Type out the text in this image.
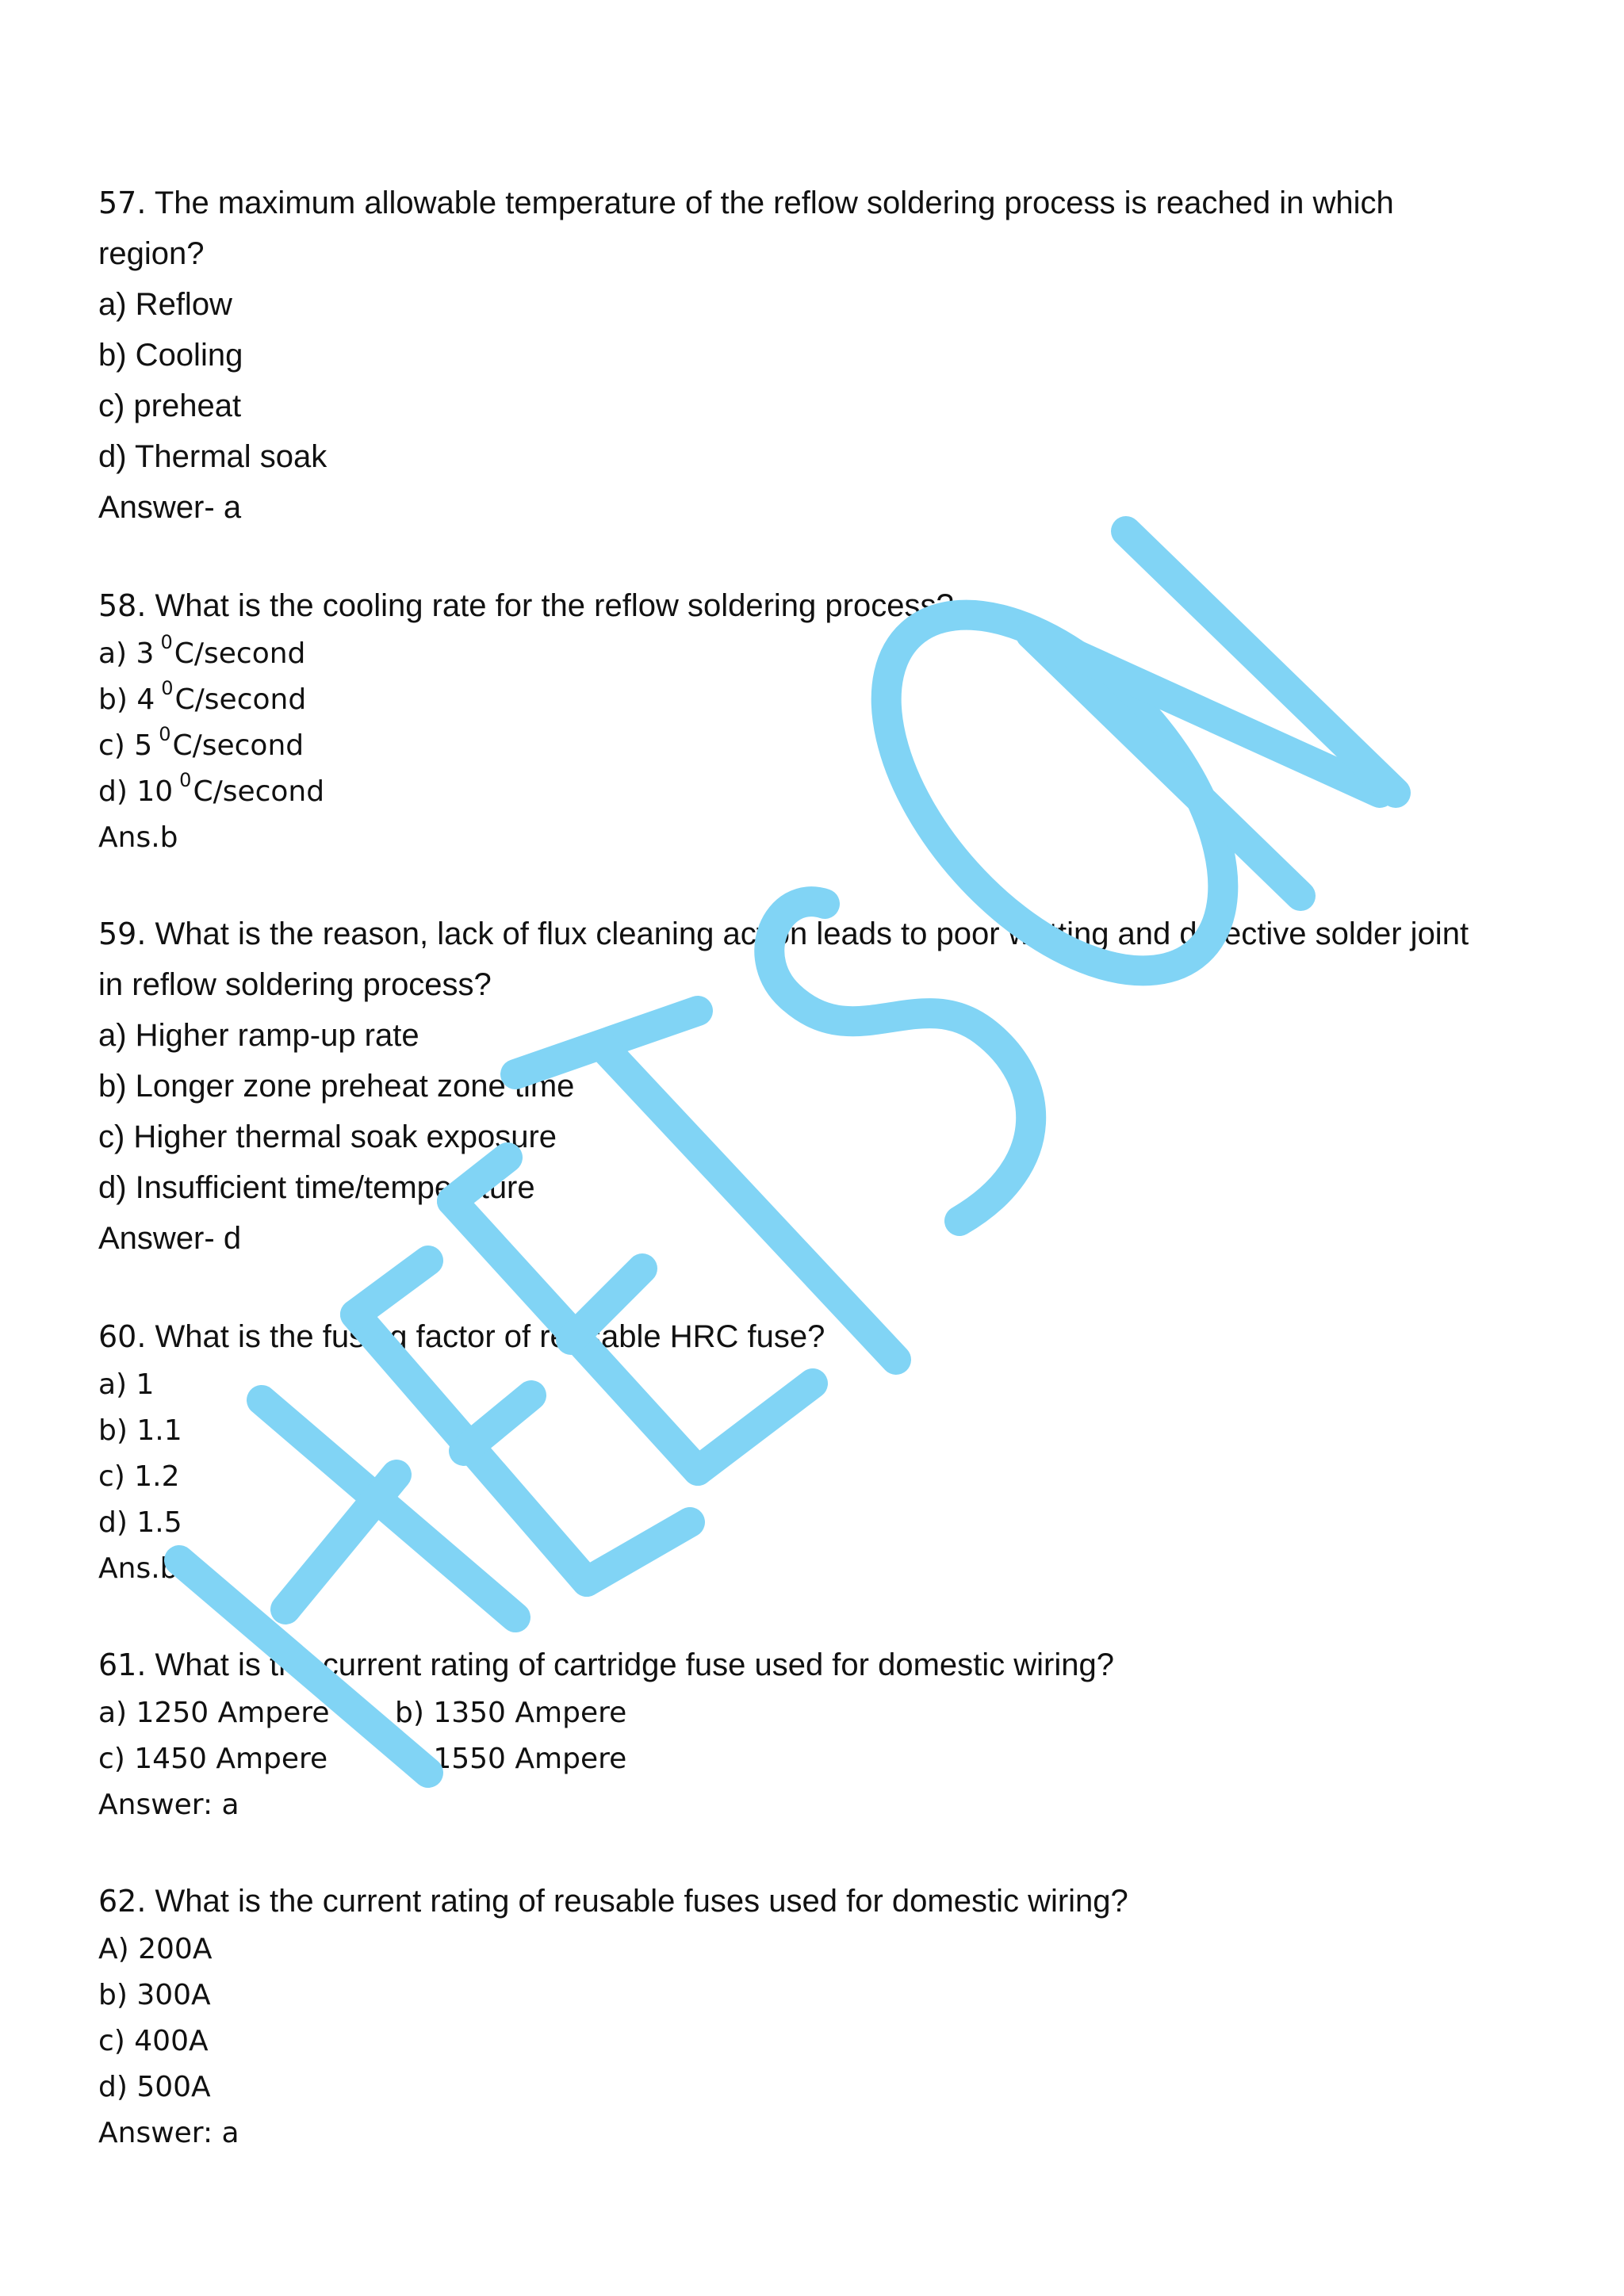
57. The maximum allowable temperature of the reflow soldering process is reached in which
region?
a) Reflow
b) Cooling
c) preheat
d) Thermal soak
Answer- a
58. What is the cooling rate for the reflow soldering process?
a) 3 $^0$C/second
b) 4 $^0$C/second
c) 5 $^0$C/second
d) 10 $^0$C/second
Ans.b
59. What is the reason, lack of flux cleaning action leads to poor wetting and defective solder joint
in reflow soldering process?
a) Higher ramp-up rate
b) Longer zone preheat zone time
c) Higher thermal soak exposure
d) Insufficient time/temperature
Answer- d
60. What is the fusing factor of reusable HRC fuse?
a) 1
b) 1.1
c) 1.2
d) 1.5
Ans.b
61. What is the current rating of cartridge fuse used for domestic wiring?
a) 1250 Ampere b) 1350 Ampere
c) 1450 Ampere d) 1550 Ampere
Answer: a
62. What is the current rating of reusable fuses used for domestic wiring?
A) 200A
b) 300A
c) 400A
d) 500A
Answer: a
